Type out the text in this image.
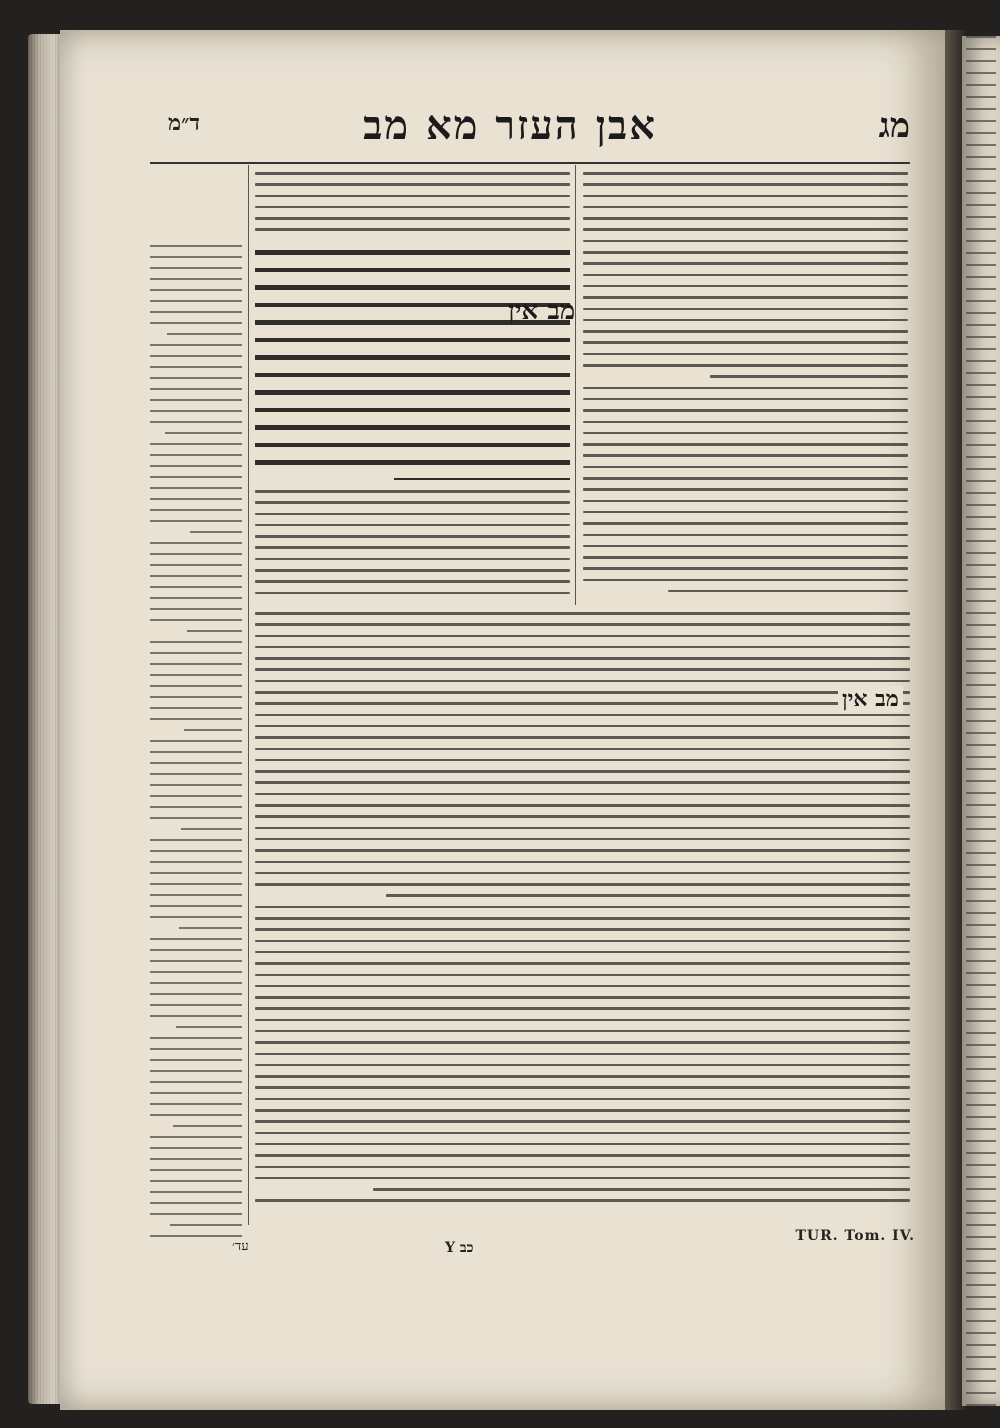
ד״מ	אבן העזר מא מב	מג
מב אין
מב אין
TUR. Tom. IV.
כב Y
עד׳
